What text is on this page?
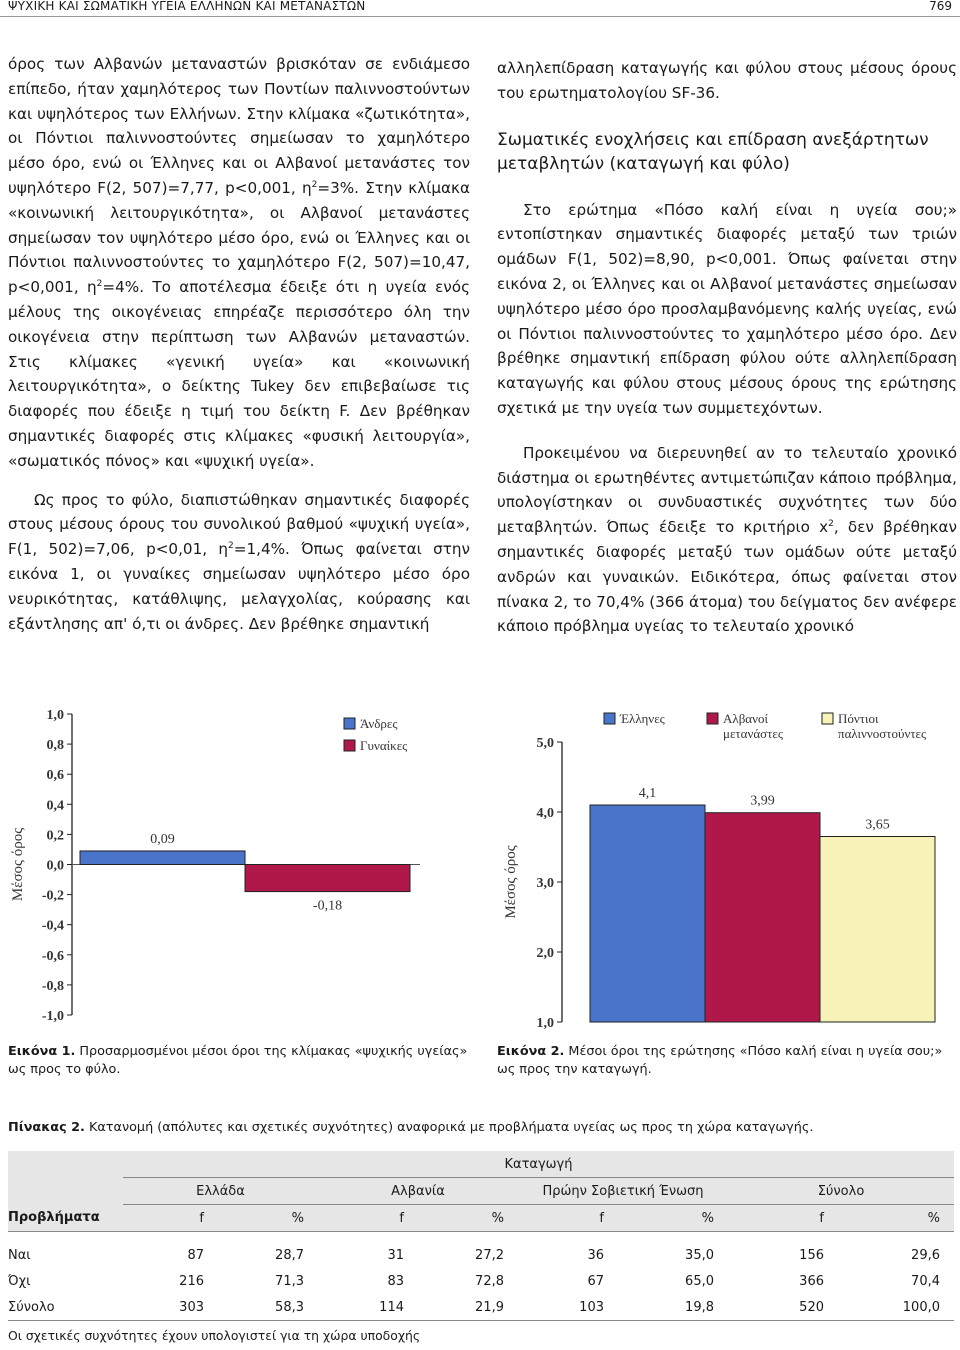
ΨΥΧΙΚΗ ΚΑΙ ΣΩΜΑΤΙΚΗ ΥΓΕΙΑ ΕΛΛΗΝΩΝ ΚΑΙ ΜΕΤΑΝΑΣΤΩΝ	769

όρος των Αλβανών μεταναστών βρισκόταν σε ενδιάμεσο επίπεδο, ήταν χαμηλότερος των Ποντίων παλιννοστούντων και υψηλότερος των Ελλήνων. Στην κλίμακα «ζωτικότητα», οι Πόντιοι παλιννοστούντες σημείωσαν το χαμηλότερο μέσο όρο, ενώ οι Έλληνες και οι Αλβανοί μετανάστες τον υψηλότερο F(2, 507)=7,77, p<0,001, $\eta^2=3\%$. Στην κλίμακα «κοινωνική λειτουργικότητα», οι Αλβανοί μετανάστες σημείωσαν τον υψηλότερο μέσο όρο, ενώ οι Έλληνες και οι Πόντιοι παλιννοστούντες το χαμηλότερο F(2, 507)=10,47, p<0,001, $\eta^2=4\%$. Το αποτέλεσμα έδειξε ότι η υγεία ενός μέλους της οικογένειας επηρέαζε περισσότερο όλη την οικογένεια στην περίπτωση των Αλβανών μεταναστών. Στις κλίμακες «γενική υγεία» και «κοινωνική λειτουργικότητα», ο δείκτης Tukey δεν επιβεβαίωσε τις διαφορές που έδειξε η τιμή του δείκτη F. Δεν βρέθηκαν σημαντικές διαφορές στις κλίμακες «φυσική λειτουργία», «σωματικός πόνος» και «ψυχική υγεία».

Ως προς το φύλο, διαπιστώθηκαν σημαντικές διαφορές στους μέσους όρους του συνολικού βαθμού «ψυχική υγεία», F(1, 502)=7,06, p<0,01, $\eta^2=1,4\%$. Όπως φαίνεται στην εικόνα 1, οι γυναίκες σημείωσαν υψηλότερο μέσο όρο νευρικότητας, κατάθλιψης, μελαγχολίας, κούρασης και εξάντλησης απ' ό,τι οι άνδρες. Δεν βρέθηκε σημαντική

αλληλεπίδραση καταγωγής και φύλου στους μέσους όρους του ερωτηματολογίου SF-36.

Σωματικές ενοχλήσεις και επίδραση ανεξάρτητων μεταβλητών (καταγωγή και φύλο)

Στο ερώτημα «Πόσο καλή είναι η υγεία σου;» εντοπίστηκαν σημαντικές διαφορές μεταξύ των τριών ομάδων F(1, 502)=8,90, p<0,001. Όπως φαίνεται στην εικόνα 2, οι Έλληνες και οι Αλβανοί μετανάστες σημείωσαν υψηλότερο μέσο όρο προσλαμβανόμενης καλής υγείας, ενώ οι Πόντιοι παλιννοστούντες το χαμηλότερο μέσο όρο. Δεν βρέθηκε σημαντική επίδραση φύλου ούτε αλληλεπίδραση καταγωγής και φύλου στους μέσους όρους της ερώτησης σχετικά με την υγεία των συμμετεχόντων.

Προκειμένου να διερευνηθεί αν το τελευταίο χρονικό διάστημα οι ερωτηθέντες αντιμετώπιζαν κάποιο πρόβλημα, υπολογίστηκαν οι συνδυαστικές συχνότητες των δύο μεταβλητών. Όπως έδειξε το κριτήριο $x^2$, δεν βρέθηκαν σημαντικές διαφορές μεταξύ των ομάδων ούτε μεταξύ ανδρών και γυναικών. Ειδικότερα, όπως φαίνεται στον πίνακα 2, το 70,4% (366 άτομα) του δείγματος δεν ανέφερε κάποιο πρόβλημα υγείας το τελευταίο χρονικό

1,0
0,8
0,6
0,4
0,2
0,0
-0,2
-0,4
-0,6
-0,8
-1,0
Μέσος όρος	0,09
-0,18
Άνδρες
Γυναίκες
Εικόνα 1. Προσαρμοσμένοι μέσοι όροι της κλίμακας «ψυχικής υγείας» ως προς το φύλο.
5,0
4,0
3,0
2,0
1,0
Μέσος όρος
4,1
3,99
3,65
Έλληνες	Αλβανοί μετανάστες
Πόντιοι παλιννοστούντες
Εικόνα 2. Μέσοι όροι της ερώτησης «Πόσο καλή είναι η υγεία σου;» ως προς την καταγωγή.
Πίνακας 2. Κατανομή (απόλυτες και σχετικές συχνότητες) αναφορικά με προβλήματα υγείας ως προς τη χώρα καταγωγής.
	Καταγωγή							
	Ελλάδα		Αλβανία		Πρώην Σοβιετική Ένωση		Σύνολο	
Προβλήματα	f	%	f	%	f	%	f	%
Ναι	87	28,7	31	27,2	36	35,0	156	29,6
Όχι	216	71,3	83	72,8	67	65,0	366	70,4
Σύνολο	303	58,3	114	21,9	103	19,8	520	100,0
Οι σχετικές συχνότητες έχουν υπολογιστεί για τη χώρα υποδοχής
